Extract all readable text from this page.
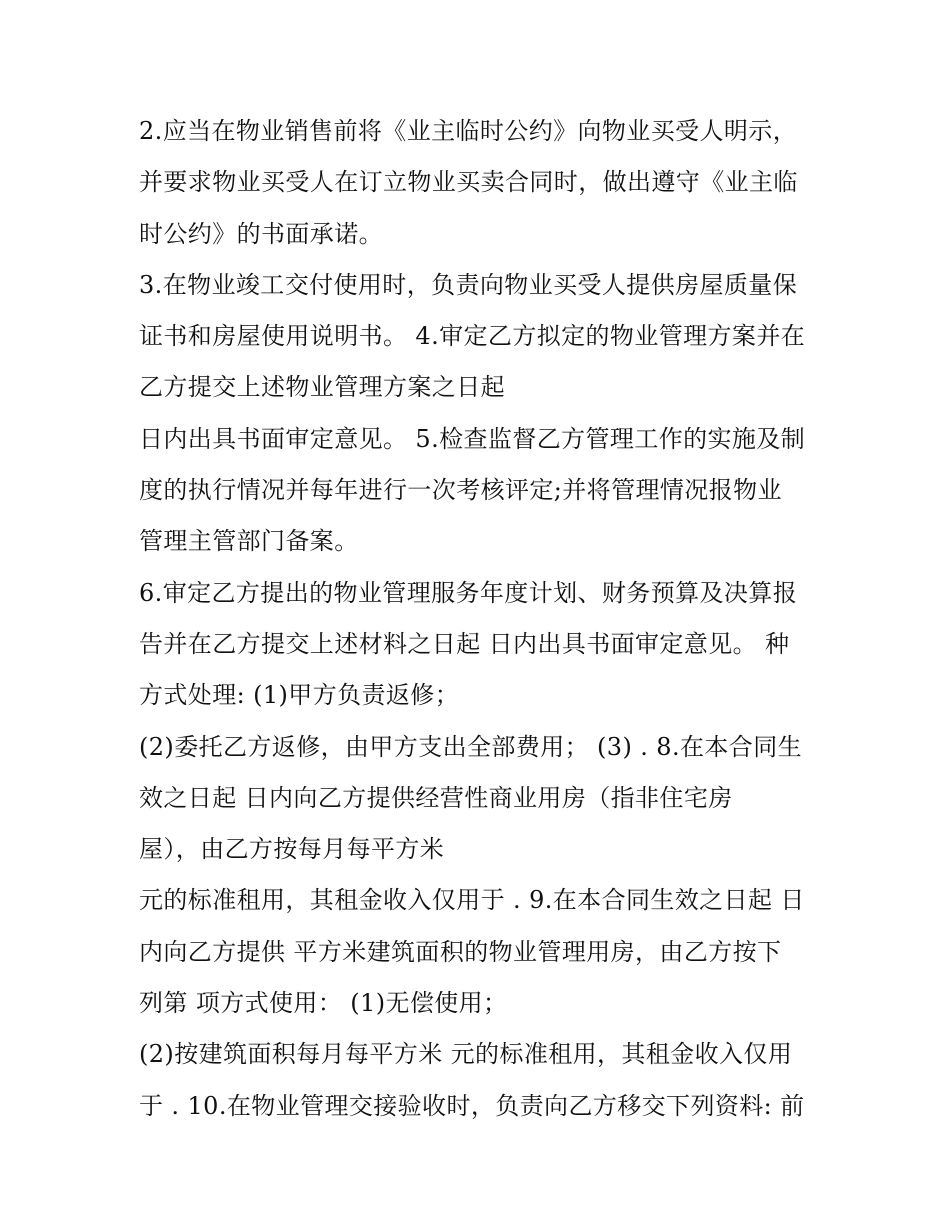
2.应当在物业销售前将《业主临时公约》向物业买受人明示，
并要求物业买受人在订立物业买卖合同时，做出遵守《业主临
时公约》的书面承诺。
3.在物业竣工交付使用时，负责向物业买受人提供房屋质量保
证书和房屋使用说明书。 4.审定乙方拟定的物业管理方案并在
乙方提交上述物业管理方案之日起
日内出具书面审定意见。 5.检查监督乙方管理工作的实施及制
度的执行情况并每年进行一次考核评定;并将管理情况报物业
管理主管部门备案。
6.审定乙方提出的物业管理服务年度计划、财务预算及决算报
告并在乙方提交上述材料之日起 日内出具书面审定意见。 种
方式处理: (1)甲方负责返修；
(2)委托乙方返修，由甲方支出全部费用； (3) . 8.在本合同生
效之日起 日内向乙方提供经营性商业用房（指非住宅房
屋），由乙方按每月每平方米
元的标准租用，其租金收入仅用于 . 9.在本合同生效之日起 日
内向乙方提供 平方米建筑面积的物业管理用房，由乙方按下
列第 项方式使用： (1)无偿使用；
(2)按建筑面积每月每平方米 元的标准租用，其租金收入仅用
于 . 10.在物业管理交接验收时，负责向乙方移交下列资料: 前
